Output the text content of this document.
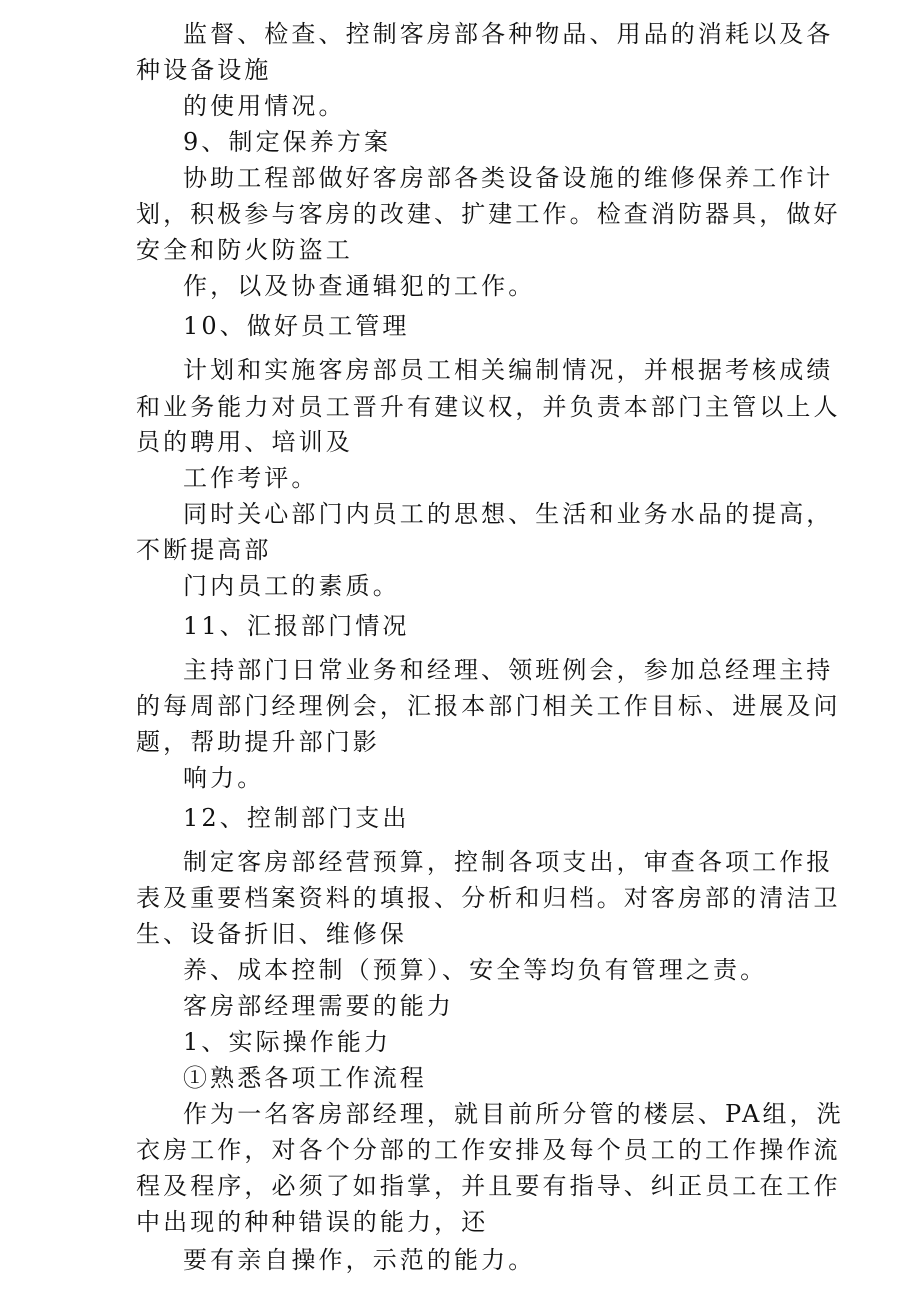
监督、检查、控制客房部各种物品、用品的消耗以及各
种设备设施
的使用情况。
9、制定保养方案
协助工程部做好客房部各类设备设施的维修保养工作计
划，积极参与客房的改建、扩建工作。检查消防器具，做好
安全和防火防盗工
作，以及协查通辑犯的工作。
10、做好员工管理
计划和实施客房部员工相关编制情况，并根据考核成绩
和业务能力对员工晋升有建议权，并负责本部门主管以上人
员的聘用、培训及
工作考评。
同时关心部门内员工的思想、生活和业务水品的提高，
不断提高部
门内员工的素质。
11、汇报部门情况
主持部门日常业务和经理、领班例会，参加总经理主持
的每周部门经理例会，汇报本部门相关工作目标、进展及问
题，帮助提升部门影
响力。
12、控制部门支出
制定客房部经营预算，控制各项支出，审查各项工作报
表及重要档案资料的填报、分析和归档。对客房部的清洁卫
生、设备折旧、维修保
养、成本控制（预算）、安全等均负有管理之责。
客房部经理需要的能力
1、实际操作能力
①熟悉各项工作流程
作为一名客房部经理，就目前所分管的楼层、PA组，洗
衣房工作，对各个分部的工作安排及每个员工的工作操作流
程及程序，必须了如指掌，并且要有指导、纠正员工在工作
中出现的种种错误的能力，还
要有亲自操作，示范的能力。
